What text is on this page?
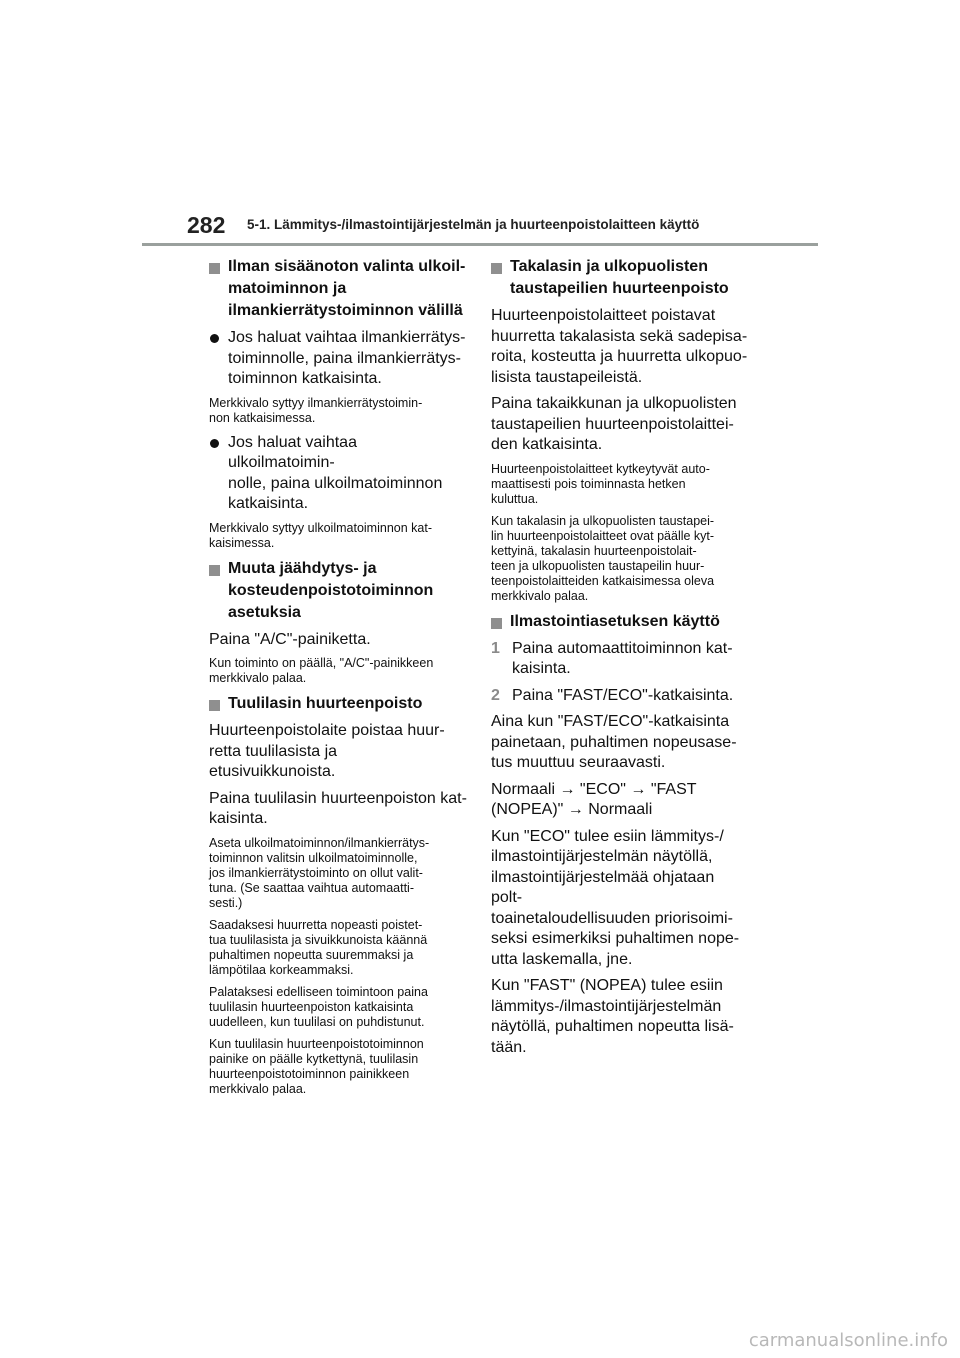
282 5-1. Lämmitys-/ilmastointijärjestelmän ja huurteenpoistolaitteen käyttö
Ilman sisäänoton valinta ulkoil-
matoiminnon ja
ilmankierrätystoiminnon välillä
Jos haluat vaihtaa ilmankierrätys-
toiminnolle, paina ilmankierrätys-
toiminnon katkaisinta.
Merkkivalo syttyy ilmankierrätystoimin-
non katkaisimessa.
Jos haluat vaihtaa ulkoilmatoimin-
nolle, paina ulkoilmatoiminnon
katkaisinta.
Merkkivalo syttyy ulkoilmatoiminnon kat-
kaisimessa.
Muuta jäähdytys- ja
kosteudenpoistotoiminnon
asetuksia
Paina "A/C"-painiketta.
Kun toiminto on päällä, "A/C"-painikkeen
merkkivalo palaa.
Tuulilasin huurteenpoisto
Huurteenpoistolaite poistaa huur-
retta tuulilasista ja etusivuikkunoista.
Paina tuulilasin huurteenpoiston kat-
kaisinta.
Aseta ulkoilmatoiminnon/ilmankierrätys-
toiminnon valitsin ulkoilmatoiminnolle,
jos ilmankierrätystoiminto on ollut valit-
tuna. (Se saattaa vaihtua automaatti-
sesti.)
Saadaksesi huurretta nopeasti poistet-
tua tuulilasista ja sivuikkunoista käännä
puhaltimen nopeutta suuremmaksi ja
lämpötilaa korkeammaksi.
Palataksesi edelliseen toimintoon paina
tuulilasin huurteenpoiston katkaisinta
uudelleen, kun tuulilasi on puhdistunut.
Kun tuulilasin huurteenpoistotoiminnon
painike on päälle kytkettynä, tuulilasin
huurteenpoistotoiminnon painikkeen
merkkivalo palaa.
Takalasin ja ulkopuolisten
taustapeilien huurteenpoisto
Huurteenpoistolaitteet poistavat
huurretta takalasista sekä sadepisa-
roita, kosteutta ja huurretta ulkopuo-
lisista taustapeileistä.
Paina takaikkunan ja ulkopuolisten
taustapeilien huurteenpoistolaittei-
den katkaisinta.
Huurteenpoistolaitteet kytkeytyvät auto-
maattisesti pois toiminnasta hetken
kuluttua.
Kun takalasin ja ulkopuolisten taustapei-
lin huurteenpoistolaitteet ovat päälle kyt-
kettyinä, takalasin huurteenpoistolait-
teen ja ulkopuolisten taustapeilin huur-
teenpoistolaitteiden katkaisimessa oleva
merkkivalo palaa.
Ilmastointiasetuksen käyttö
1 Paina automaattitoiminnon kat-
kaisinta.
2 Paina "FAST/ECO"-katkaisinta.
Aina kun "FAST/ECO"-katkaisinta
painetaan, puhaltimen nopeusase-
tus muuttuu seuraavasti.
Normaali → "ECO" → "FAST
(NOPEA)" → Normaali
Kun "ECO" tulee esiin lämmitys-/
ilmastointijärjestelmän näytöllä,
ilmastointijärjestelmää ohjataan polt-
toainetaloudellisuuden priorisoimi-
seksi esimerkiksi puhaltimen nope-
utta laskemalla, jne.
Kun "FAST" (NOPEA) tulee esiin
lämmitys-/ilmastointijärjestelmän
näytöllä, puhaltimen nopeutta lisä-
tään.
carmanualsonline.info
